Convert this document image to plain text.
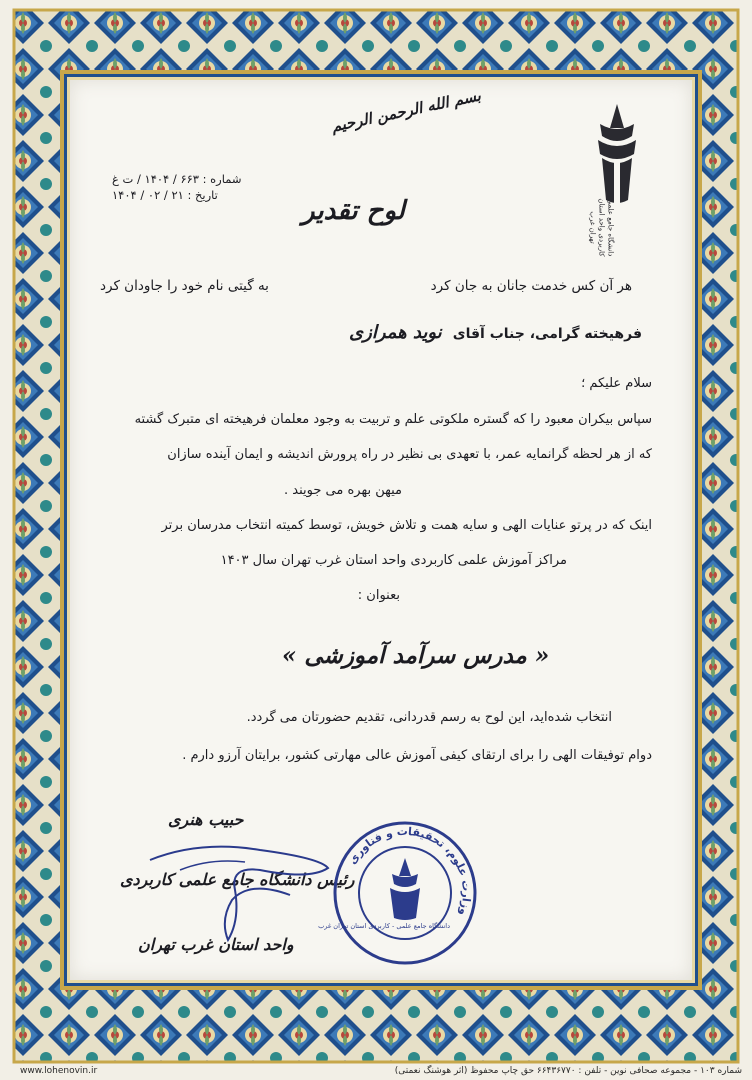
بسم الله الرحمن الرحیم
شماره : ۶۶۳ / ۱۴۰۴ / ت غ
تاریخ : ۲۱ / ۰۲ / ۱۴۰۴
دانشگاه جامع علمی کاربردی واحد استان تهران غرب
لوح تقدیر
هر آن کس خدمت جانان به جان کرد
به گیتی نام خود را جاودان کرد
فرهیخته گرامی، جناب آقای نوید همرازی
سلام علیکم ؛
سپاس بیکران معبود را که گستره ملکوتی علم و تربیت به وجود معلمان فرهیخته ای متبرک گشته
که از هر لحظه گرانمایه عمر، با تعهدی بی نظیر در راه پرورش اندیشه و ایمان آینده سازان
میهن بهره می جویند .
اینک که در پرتو عنایات الهی و سایه همت و تلاش خویش، توسط کمیته انتخاب مدرسان برتر
مراکز آموزش علمی کاربردی واحد استان غرب تهران سال ۱۴۰۳
بعنوان :
« مدرس سرآمد آموزشی »
انتخاب شده‌اید، این لوح به رسم قدردانی، تقدیم حضورتان می گردد.
دوام توفیقات الهی را برای ارتقای کیفی آموزش عالی مهارتی کشور، برایتان آرزو دارم .
حبیب هنری
رئیس دانشگاه جامع علمی کاربردی
واحد استان غرب تهران
وزارت علوم، تحقیقات و فناوری
دانشگاه جامع علمی - کاربردی استان تهران غرب
www.lohenovin.ir	شماره ۱۰۳ - مجموعه صحافی نوین - تلفن : ۶۶۴۳۶۷۷۰ حق چاپ محفوظ (اثر هوشنگ نعمتی)
